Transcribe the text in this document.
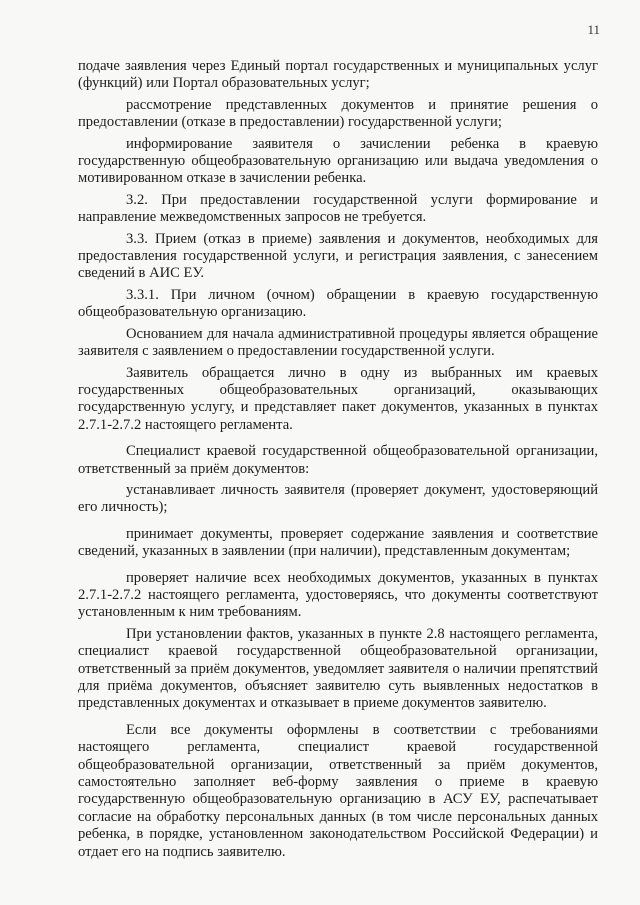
11

подаче заявления через Единый портал государственных и муниципальных услуг (функций) или Портал образовательных услуг;

рассмотрение представленных документов и принятие решения о предоставлении (отказе в предоставлении) государственной услуги;

информирование заявителя о зачислении ребенка в краевую государственную общеобразовательную организацию или выдача уведомления о мотивированном отказе в зачислении ребенка.

3.2. При предоставлении государственной услуги формирование и направление межведомственных запросов не требуется.

3.3. Прием (отказ в приеме) заявления и документов, необходимых для предоставления государственной услуги, и регистрация заявления, с занесением сведений в АИС ЕУ.

3.3.1. При личном (очном) обращении в краевую государственную общеобразовательную организацию.

Основанием для начала административной процедуры является обращение заявителя с заявлением о предоставлении государственной услуги.

Заявитель обращается лично в одну из выбранных им краевых государственных общеобразовательных организаций, оказывающих государственную услугу, и представляет пакет документов, указанных в пунктах 2.7.1-2.7.2 настоящего регламента.

Специалист краевой государственной общеобразовательной организации, ответственный за приём документов:

устанавливает личность заявителя (проверяет документ, удостоверяющий его личность);

принимает документы, проверяет содержание заявления и соответствие сведений, указанных в заявлении (при наличии), представленным документам;

проверяет наличие всех необходимых документов, указанных в пунктах 2.7.1-2.7.2 настоящего регламента, удостоверяясь, что документы соответствуют установленным к ним требованиям.

При установлении фактов, указанных в пункте 2.8 настоящего регламента, специалист краевой государственной общеобразовательной организации, ответственный за приём документов, уведомляет заявителя о наличии препятствий для приёма документов, объясняет заявителю суть выявленных недостатков в представленных документах и отказывает в приеме документов заявителю.

Если все документы оформлены в соответствии с требованиями настоящего регламента, специалист краевой государственной общеобразовательной организации, ответственный за приём документов, самостоятельно заполняет веб-форму заявления о приеме в краевую государственную общеобразовательную организацию в АСУ ЕУ, распечатывает согласие на обработку персональных данных (в том числе персональных данных ребенка, в порядке, установленном законодательством Российской Федерации) и отдает его на подпись заявителю.
